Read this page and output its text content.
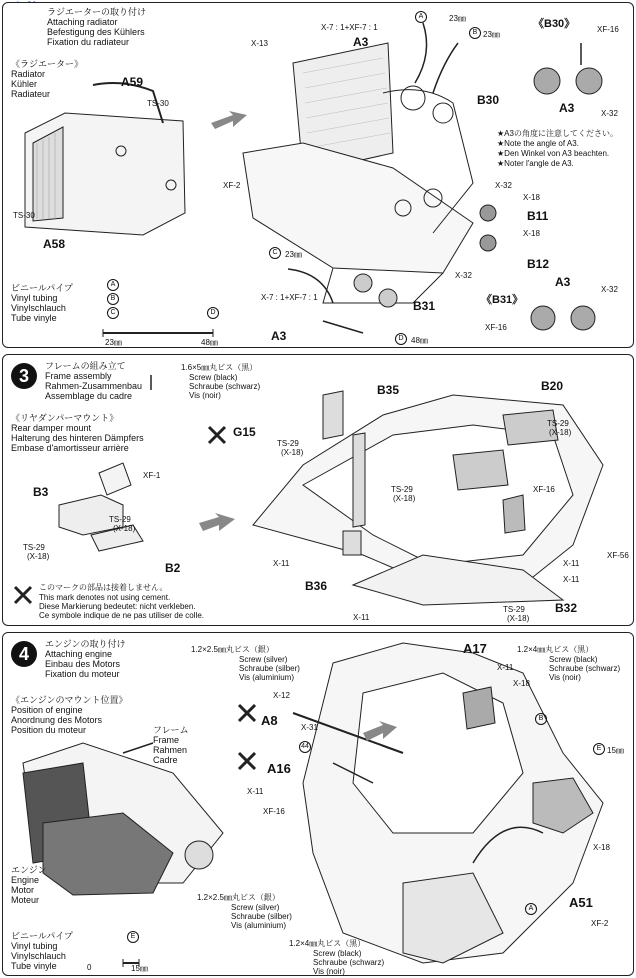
ラジエーターの取り付け
Attaching radiator
Befestigung des Kühlers
Fixation du radiateur
《ラジエーター》
Radiator
Kühler
Radiateur
A59
A58
TS-30
TS-30
XF-2
X-13
X-7 : 1+XF-7 : 1
A3
A	23㎜
B 23㎜
B30
《B30》	XF-16
A3	X-32
★A3の角度に注意してください。
★Note the angle of A3.
★Den Winkel von A3 beachten.
★Noter l'angle de A3.
X-32
X-18
B11
X-18
B12
X-32
C 23㎜
X-7 : 1+XF-7 : 1
B31
A3	D 48㎜
A3
《B31》
X-32
XF-16
ビニールパイプ
Vinyl tubing
Vinylschlauch
Tube vinyle
A
B
C	D
23㎜	48㎜
3	フレームの組み立て
Frame assembly
Rahmen-Zusammenbau
Assemblage du cadre
《リヤダンパーマウント》
Rear damper mount
Halterung des hinteren Dämpfers
Embase d'amortisseur arrière
1.6×5㎜丸ビス（黒）
Screw (black)
Schraube (schwarz)
Vis (noir)
G15
B35	B20
B3
B2
B36
B32
TS-29
(X-18)
TS-29
(X-18)
TS-29
(X-18)
TS-29
(X-18)
TS-29
(X-18)
TS-29
(X-18)
XF-1
XF-16
XF-56
X-11	X-11
X-11
X-11
このマークの部品は接着しません。
This mark denotes not using cement.
Diese Markierung bedeutet: nicht verkleben.
Ce symbole indique de ne pas utiliser de colle.
4	エンジンの取り付け
Attaching engine
Einbau des Motors
Fixation du moteur
《エンジンのマウント位置》
Position of engine
Anordnung des Motors
Position du moteur	フレーム
Frame
Rahmen
Cadre
エンジン
Engine
Motor
Moteur
1.2×2.5㎜丸ビス（銀）
Screw (silver)
Schraube (silber)
Vis (aluminium)
1.2×4㎜丸ビス（黒）
Screw (black)
Schraube (schwarz)
Vis (noir)
1.2×2.5㎜丸ビス（銀）
Screw (silver)
Schraube (silber)
Vis (aluminium)
1.2×4㎜丸ビス（黒）
Screw (black)
Schraube (schwarz)
Vis (noir)
A17
X-11
X-18
X-12
A8	X-31
44
A16
X-11
XF-16
B
E 15㎜
X-18
A	A51
XF-2
ビニールパイプ
Vinyl tubing
Vinylschlauch
Tube vinyle
E
0	15㎜
